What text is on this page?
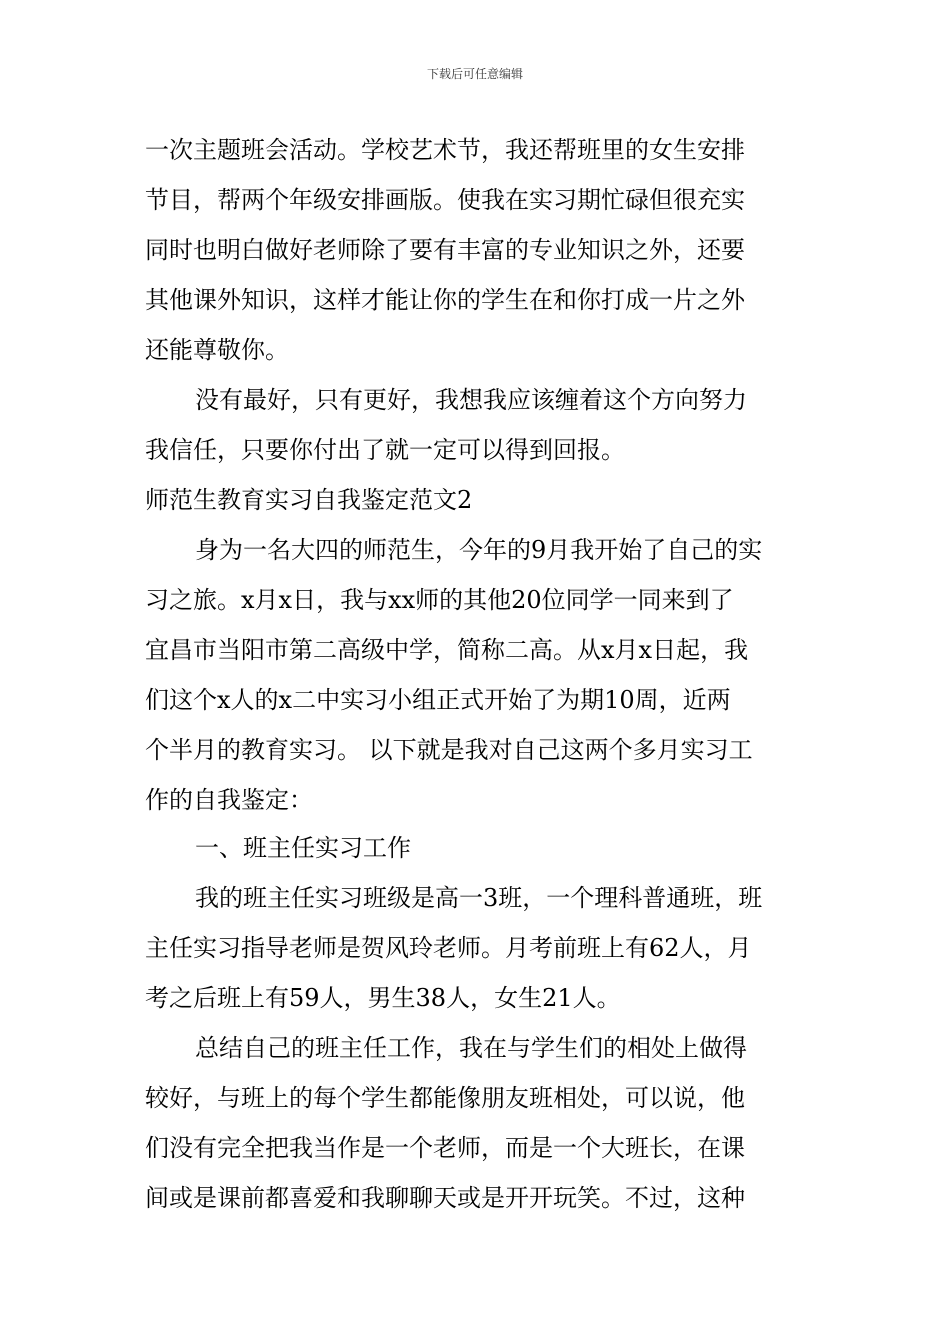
下载后可任意编辑
一次主题班会活动。学校艺术节，我还帮班里的女生安排
节目，帮两个年级安排画版。使我在实习期忙碌但很充实
同时也明白做好老师除了要有丰富的专业知识之外，还要
其他课外知识，这样才能让你的学生在和你打成一片之外
还能尊敬你。
没有最好，只有更好，我想我应该缠着这个方向努力
我信任，只要你付出了就一定可以得到回报。
师范生教育实习自我鉴定范文2
身为一名大四的师范生，今年的9月我开始了自己的实
习之旅。x月x日，我与xx师的其他20位同学一同来到了
宜昌市当阳市第二高级中学，简称二高。从x月x日起，我
们这个x人的x二中实习小组正式开始了为期10周，近两
个半月的教育实习。 以下就是我对自己这两个多月实习工
作的自我鉴定：
一、班主任实习工作
我的班主任实习班级是高一3班，一个理科普通班，班
主任实习指导老师是贺风玲老师。月考前班上有62人，月
考之后班上有59人，男生38人，女生21人。
总结自己的班主任工作，我在与学生们的相处上做得
较好，与班上的每个学生都能像朋友班相处，可以说，他
们没有完全把我当作是一个老师，而是一个大班长，在课
间或是课前都喜爱和我聊聊天或是开开玩笑。不过，这种
